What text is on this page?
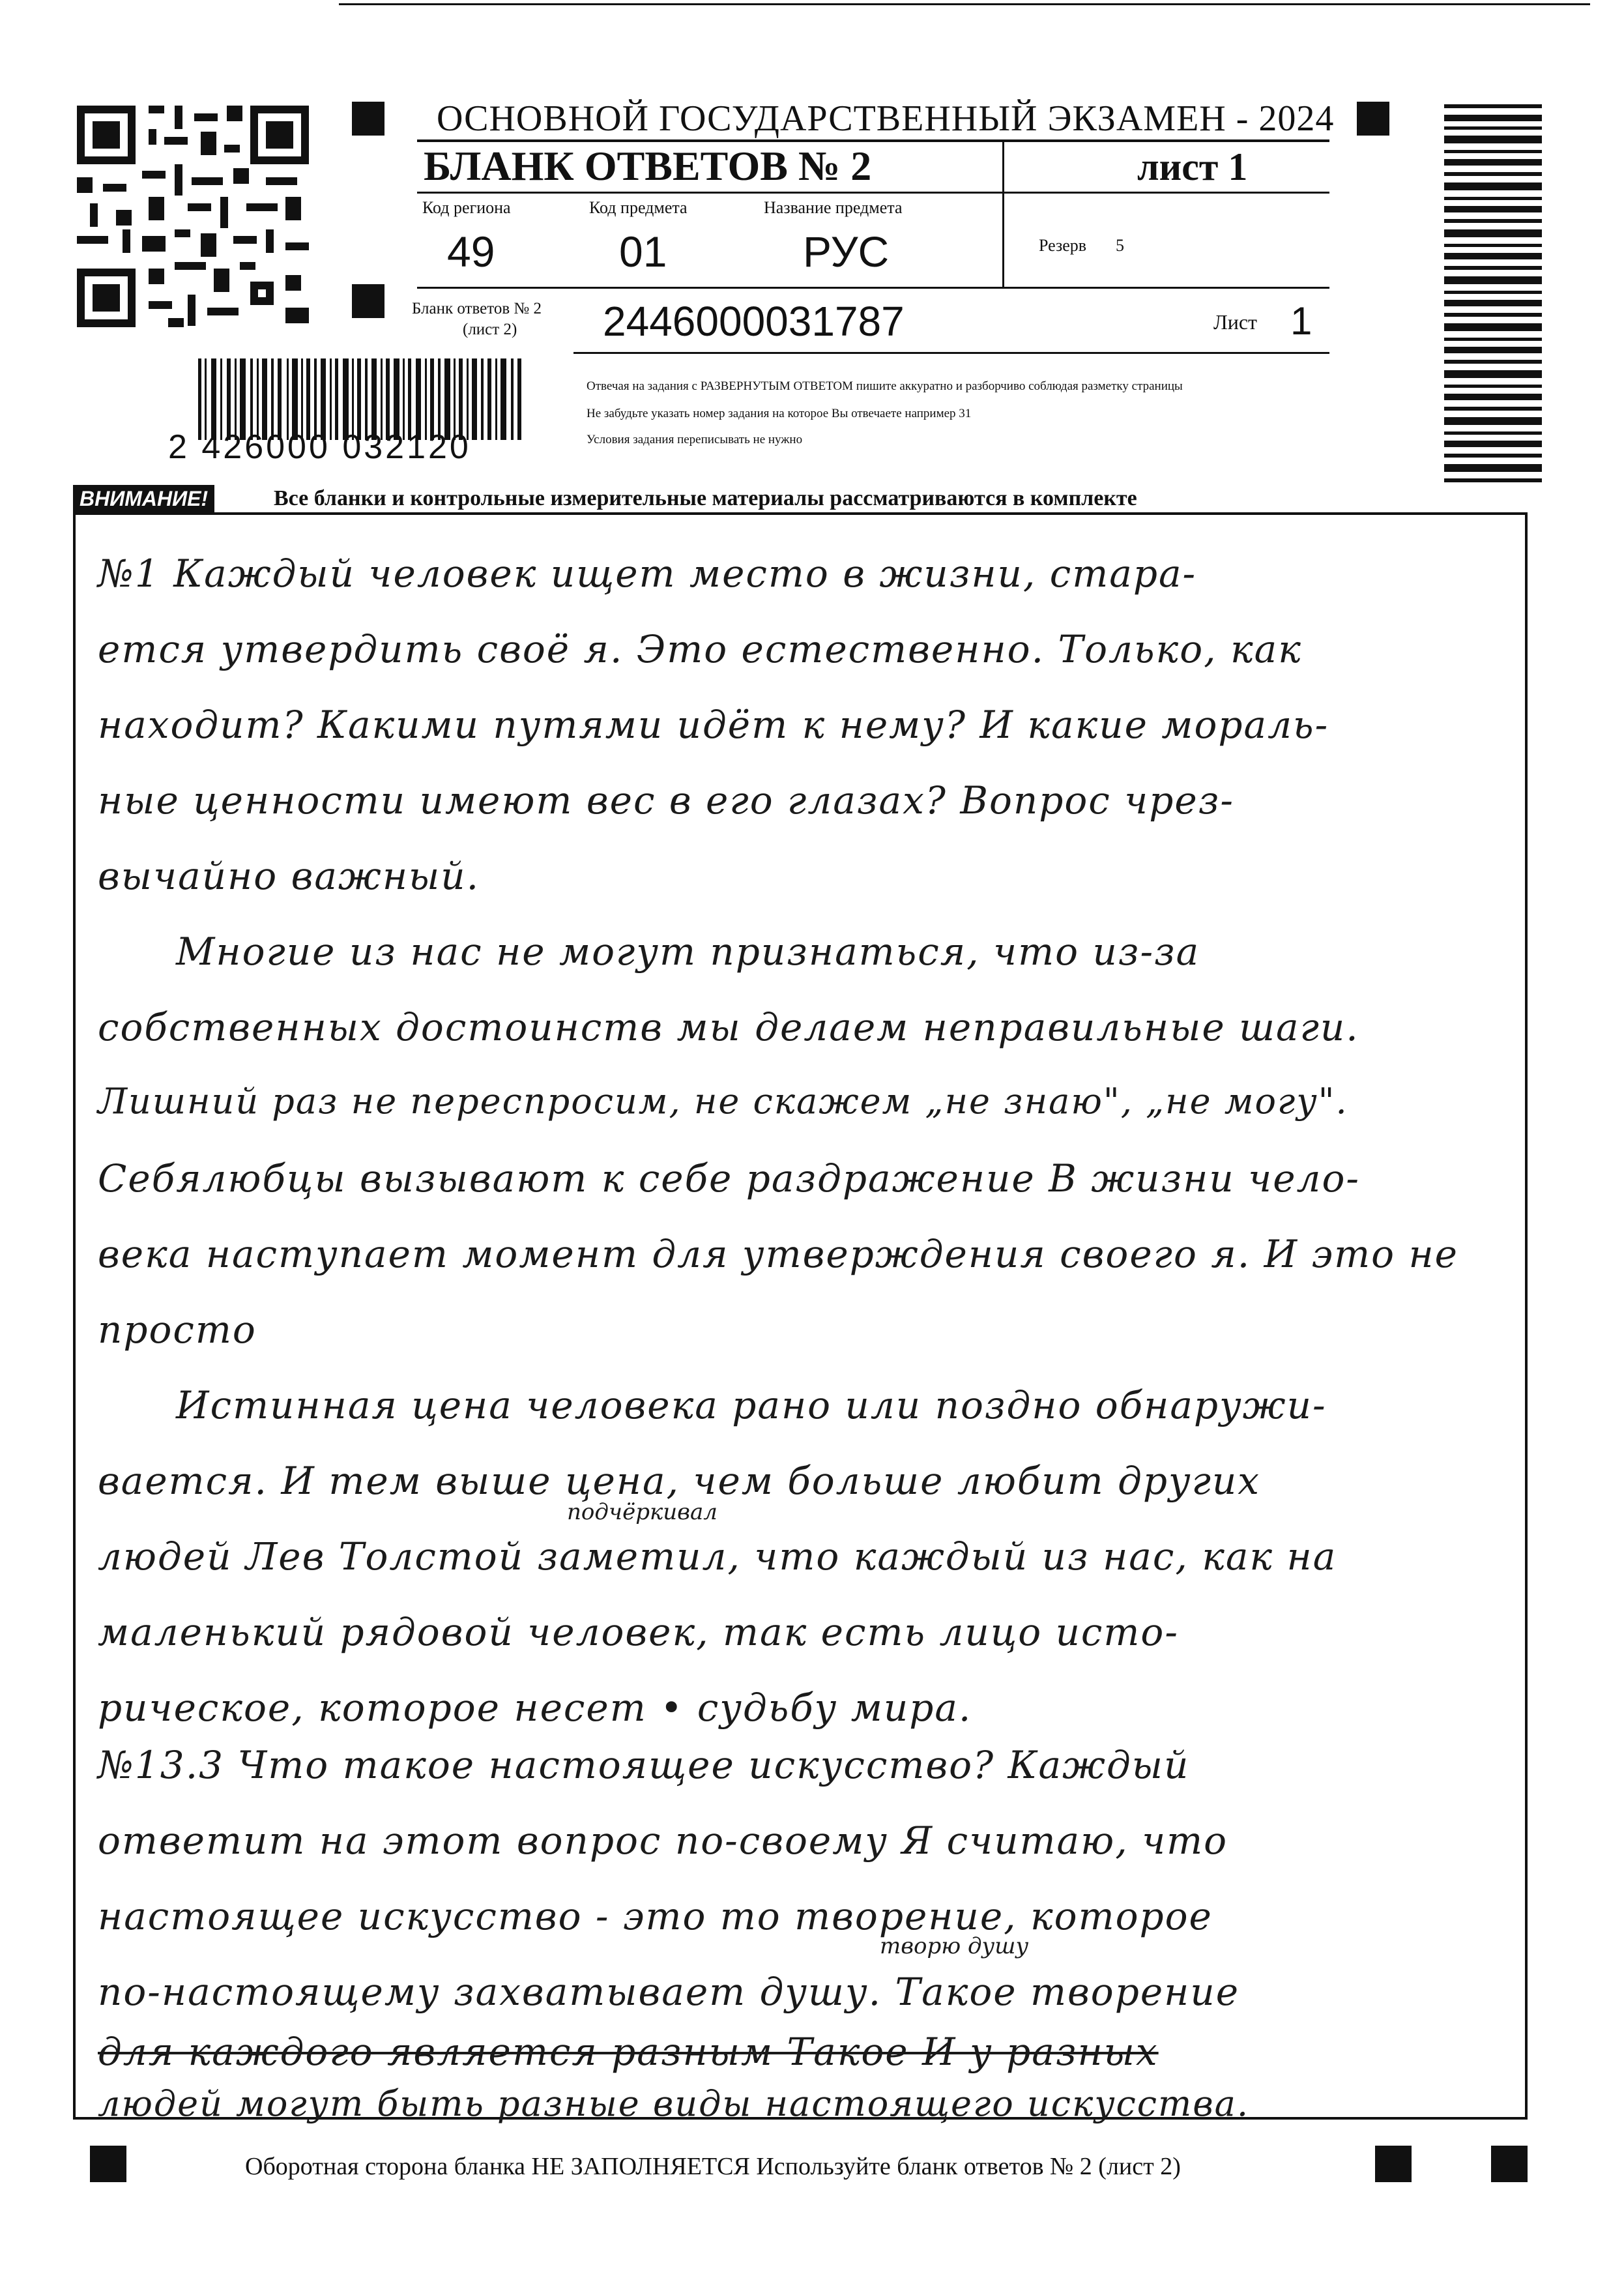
ОСНОВНОЙ ГОСУДАРСТВЕННЫЙ ЭКЗАМЕН - 2024
БЛАНК ОТВЕТОВ № 2	лист 1
Код региона
49
Код предмета
01
Название предмета
РУС	Резерв 5
Бланк ответов № 2
(лист 2) 2446000031787	Лист 1
2 426000 032120
Отвечая на задания с РАЗВЕРНУТЫМ ОТВЕТОМ пишите аккуратно и разборчиво соблюдая разметку страницы
Не забудьте указать номер задания на которое Вы отвечаете например 31
Условия задания переписывать не нужно
ВНИМАНИЕ!	Все бланки и контрольные измерительные материалы рассматриваются в комплекте
№1 Каждый человек ищет место в жизни, стара-
ется утвердить своё я. Это естественно. Только, как
находит? Какими путями идёт к нему? И какие мораль-
ные ценности имеют вес в его глазах? Вопрос чрез-
вычайно важный.
Многие из нас не могут признаться, что из-за
собственных достоинств мы делаем неправильные шаги.
Лишний раз не переспросим, не скажем „не знаю", „не могу".
Себялюбцы вызывают к себе раздражение В жизни чело-
века наступает момент для утверждения своего я. И это не
просто
Истинная цена человека рано или поздно обнаружи-
вается. И тем выше цена, чем больше любит других
подчёркивал
людей Лев Толстой заметил, что каждый из нас, как на
маленький рядовой человек, так есть лицо исто-
рическое, которое несет • судьбу мира.
№13.3 Что такое настоящее искусство? Каждый
ответит на этот вопрос по-своему Я считаю, что
настоящее искусство - это то творение, которое
творю душу
по-настоящему захватывает душу. Такое творение
для каждого является разным Такое И у разных
людей могут быть разные виды настоящего искусства.
Оборотная сторона бланка НЕ ЗАПОЛНЯЕТСЯ Используйте бланк ответов № 2 (лист 2)
